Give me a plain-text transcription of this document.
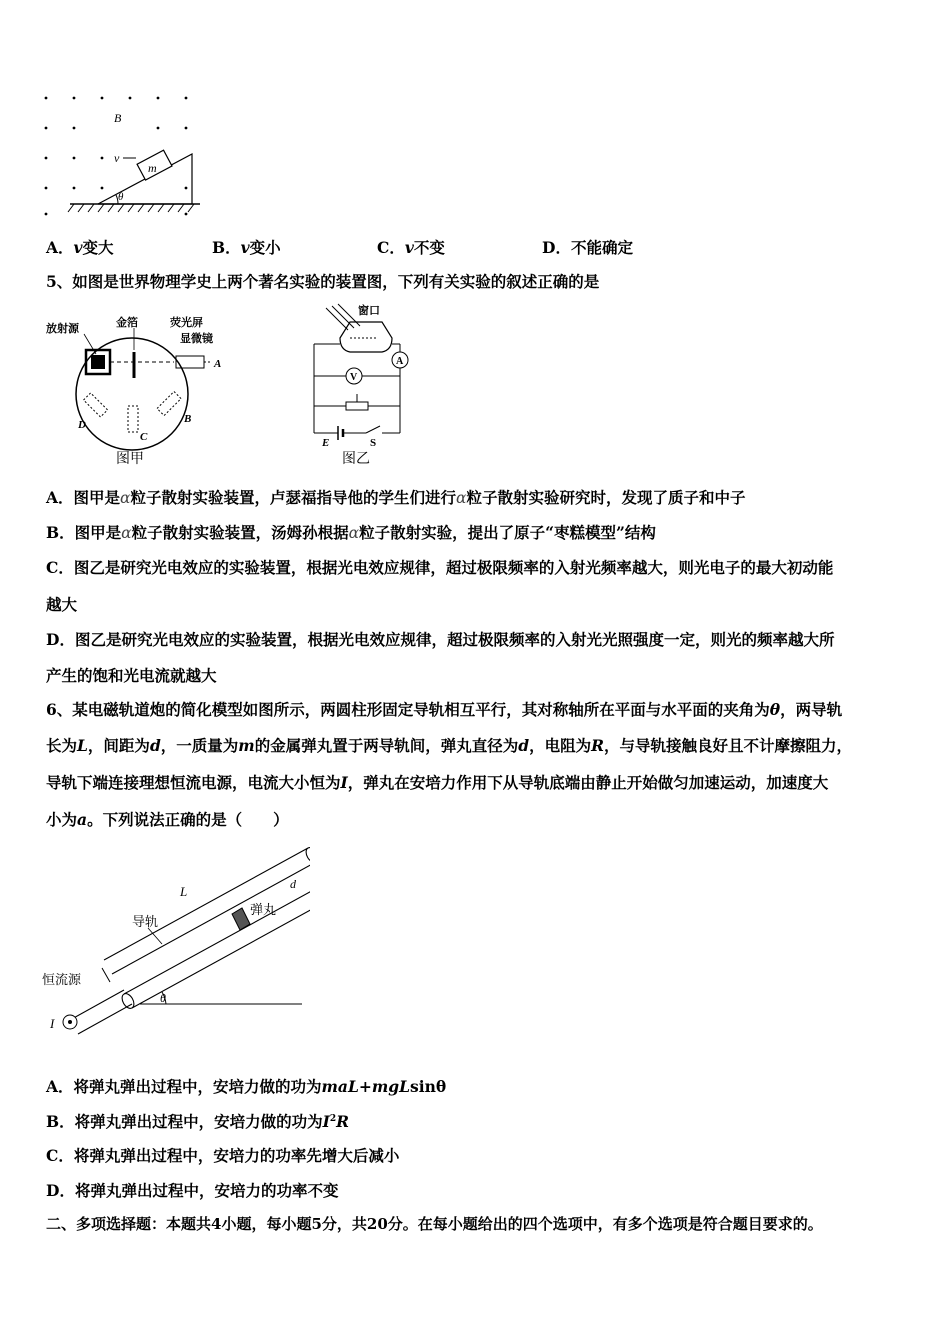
B
m
v
θ
A．v变大	B．v变小	C．v不变	D．不能确定
5、如图是世界物理学史上两个著名实验的装置图，下列有关实验的叙述正确的是
放射源	金箔	荧光屏
显微镜
A
C
B
D
图甲
窗口
A
V
E	S
图乙
A．图甲是α粒子散射实验装置，卢瑟福指导他的学生们进行α粒子散射实验研究时，发现了质子和中子
B．图甲是α粒子散射实验装置，汤姆孙根据α粒子散射实验，提出了原子“枣糕模型”结构
C．图乙是研究光电效应的实验装置，根据光电效应规律，超过极限频率的入射光频率越大，则光电子的最大初动能
越大
D．图乙是研究光电效应的实验装置，根据光电效应规律，超过极限频率的入射光光照强度一定，则光的频率越大所
产生的饱和光电流就越大
6、某电磁轨道炮的简化模型如图所示，两圆柱形固定导轨相互平行，其对称轴所在平面与水平面的夹角为θ，两导轨
长为L，间距为d，一质量为m的金属弹丸置于两导轨间，弹丸直径为d，电阻为R，与导轨接触良好且不计摩擦阻力，
导轨下端连接理想恒流电源，电流大小恒为I，弹丸在安培力作用下从导轨底端由静止开始做匀加速运动，加速度大
小为a。下列说法正确的是（　　）
θ
L	d
导轨
弹丸
恒流源
I
A．将弹丸弹出过程中，安培力做的功为maL+mgLsinθ
B．将弹丸弹出过程中，安培力做的功为$I^2R$
C．将弹丸弹出过程中，安培力的功率先增大后减小
D．将弹丸弹出过程中，安培力的功率不变
二、多项选择题：本题共4小题，每小题5分，共20分。在每小题给出的四个选项中，有多个选项是符合题目要求的。
